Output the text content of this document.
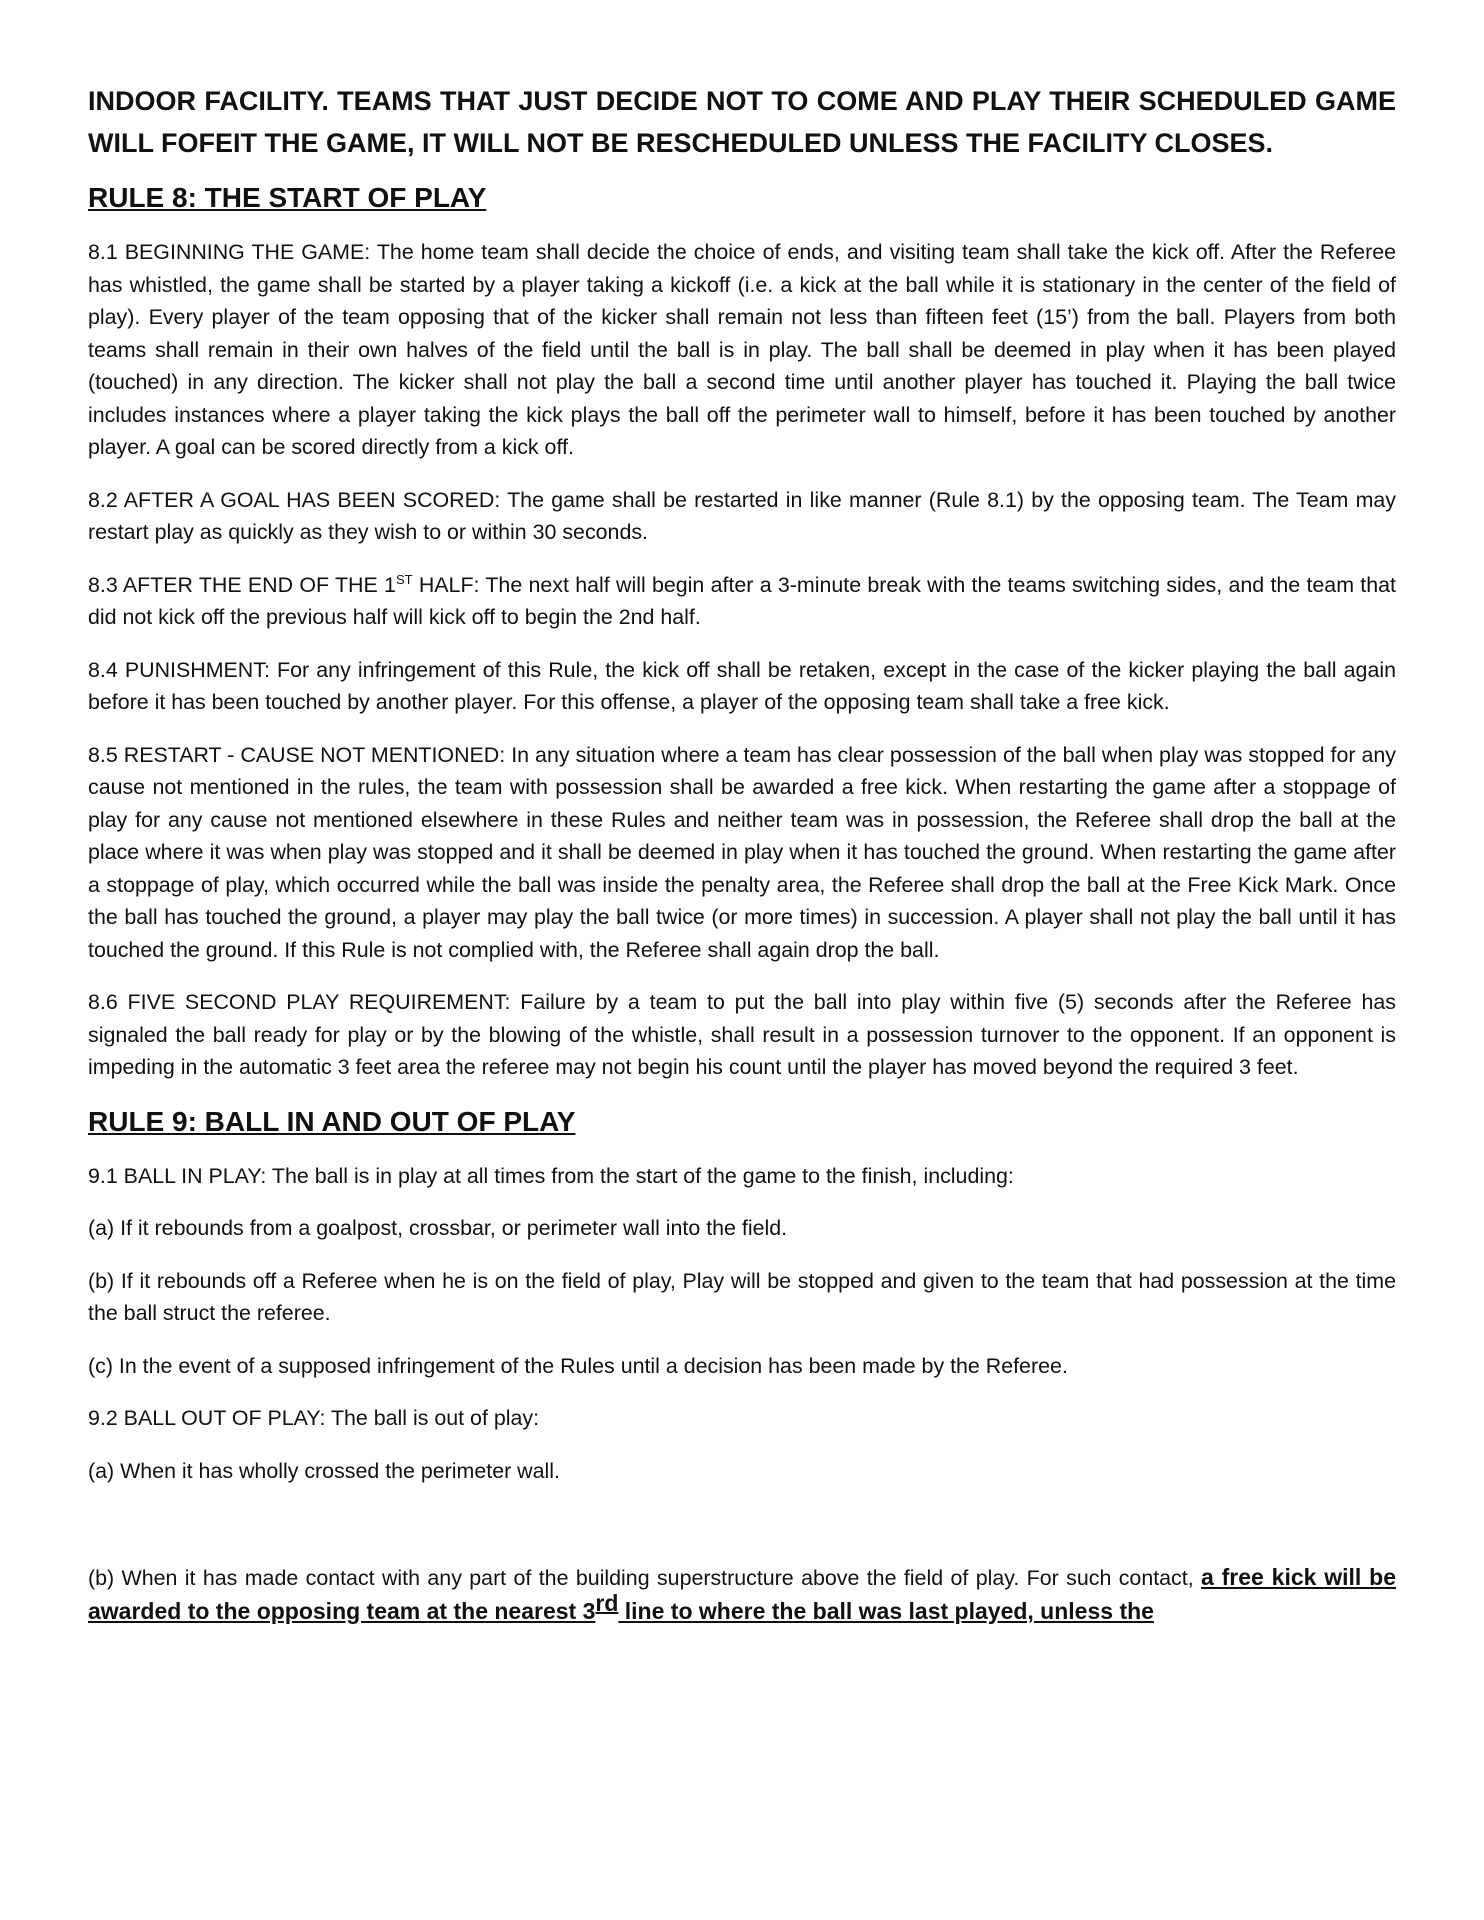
INDOOR FACILITY. TEAMS THAT JUST DECIDE NOT TO COME AND PLAY THEIR SCHEDULED GAME WILL FOFEIT THE GAME, IT WILL NOT BE RESCHEDULED UNLESS THE FACILITY CLOSES.

RULE 8: THE START OF PLAY

8.1 BEGINNING THE GAME: The home team shall decide the choice of ends, and visiting team shall take the kick off. After the Referee has whistled, the game shall be started by a player taking a kickoff (i.e. a kick at the ball while it is stationary in the center of the field of play). Every player of the team opposing that of the kicker shall remain not less than fifteen feet (15’) from the ball. Players from both teams shall remain in their own halves of the field until the ball is in play. The ball shall be deemed in play when it has been played (touched) in any direction. The kicker shall not play the ball a second time until another player has touched it. Playing the ball twice includes instances where a player taking the kick plays the ball off the perimeter wall to himself, before it has been touched by another player. A goal can be scored directly from a kick off.

8.2 AFTER A GOAL HAS BEEN SCORED: The game shall be restarted in like manner (Rule 8.1) by the opposing team. The Team may restart play as quickly as they wish to or within 30 seconds.

8.3 AFTER THE END OF THE 1ST HALF: The next half will begin after a 3-minute break with the teams switching sides, and the team that did not kick off the previous half will kick off to begin the 2nd half.

8.4 PUNISHMENT: For any infringement of this Rule, the kick off shall be retaken, except in the case of the kicker playing the ball again before it has been touched by another player. For this offense, a player of the opposing team shall take a free kick.

8.5 RESTART - CAUSE NOT MENTIONED: In any situation where a team has clear possession of the ball when play was stopped for any cause not mentioned in the rules, the team with possession shall be awarded a free kick. When restarting the game after a stoppage of play for any cause not mentioned elsewhere in these Rules and neither team was in possession, the Referee shall drop the ball at the place where it was when play was stopped and it shall be deemed in play when it has touched the ground. When restarting the game after a stoppage of play, which occurred while the ball was inside the penalty area, the Referee shall drop the ball at the Free Kick Mark. Once the ball has touched the ground, a player may play the ball twice (or more times) in succession. A player shall not play the ball until it has touched the ground. If this Rule is not complied with, the Referee shall again drop the ball.

8.6 FIVE SECOND PLAY REQUIREMENT: Failure by a team to put the ball into play within five (5) seconds after the Referee has signaled the ball ready for play or by the blowing of the whistle, shall result in a possession turnover to the opponent. If an opponent is impeding in the automatic 3 feet area the referee may not begin his count until the player has moved beyond the required 3 feet.

RULE 9: BALL IN AND OUT OF PLAY

9.1 BALL IN PLAY: The ball is in play at all times from the start of the game to the finish, including:

(a) If it rebounds from a goalpost, crossbar, or perimeter wall into the field.

(b) If it rebounds off a Referee when he is on the field of play, Play will be stopped and given to the team that had possession at the time the ball struct the referee.

(c) In the event of a supposed infringement of the Rules until a decision has been made by the Referee.

9.2 BALL OUT OF PLAY: The ball is out of play:

(a) When it has wholly crossed the perimeter wall.

(b) When it has made contact with any part of the building superstructure above the field of play. For such contact, a free kick will be awarded to the opposing team at the nearest 3rd line to where the ball was last played, unless the
